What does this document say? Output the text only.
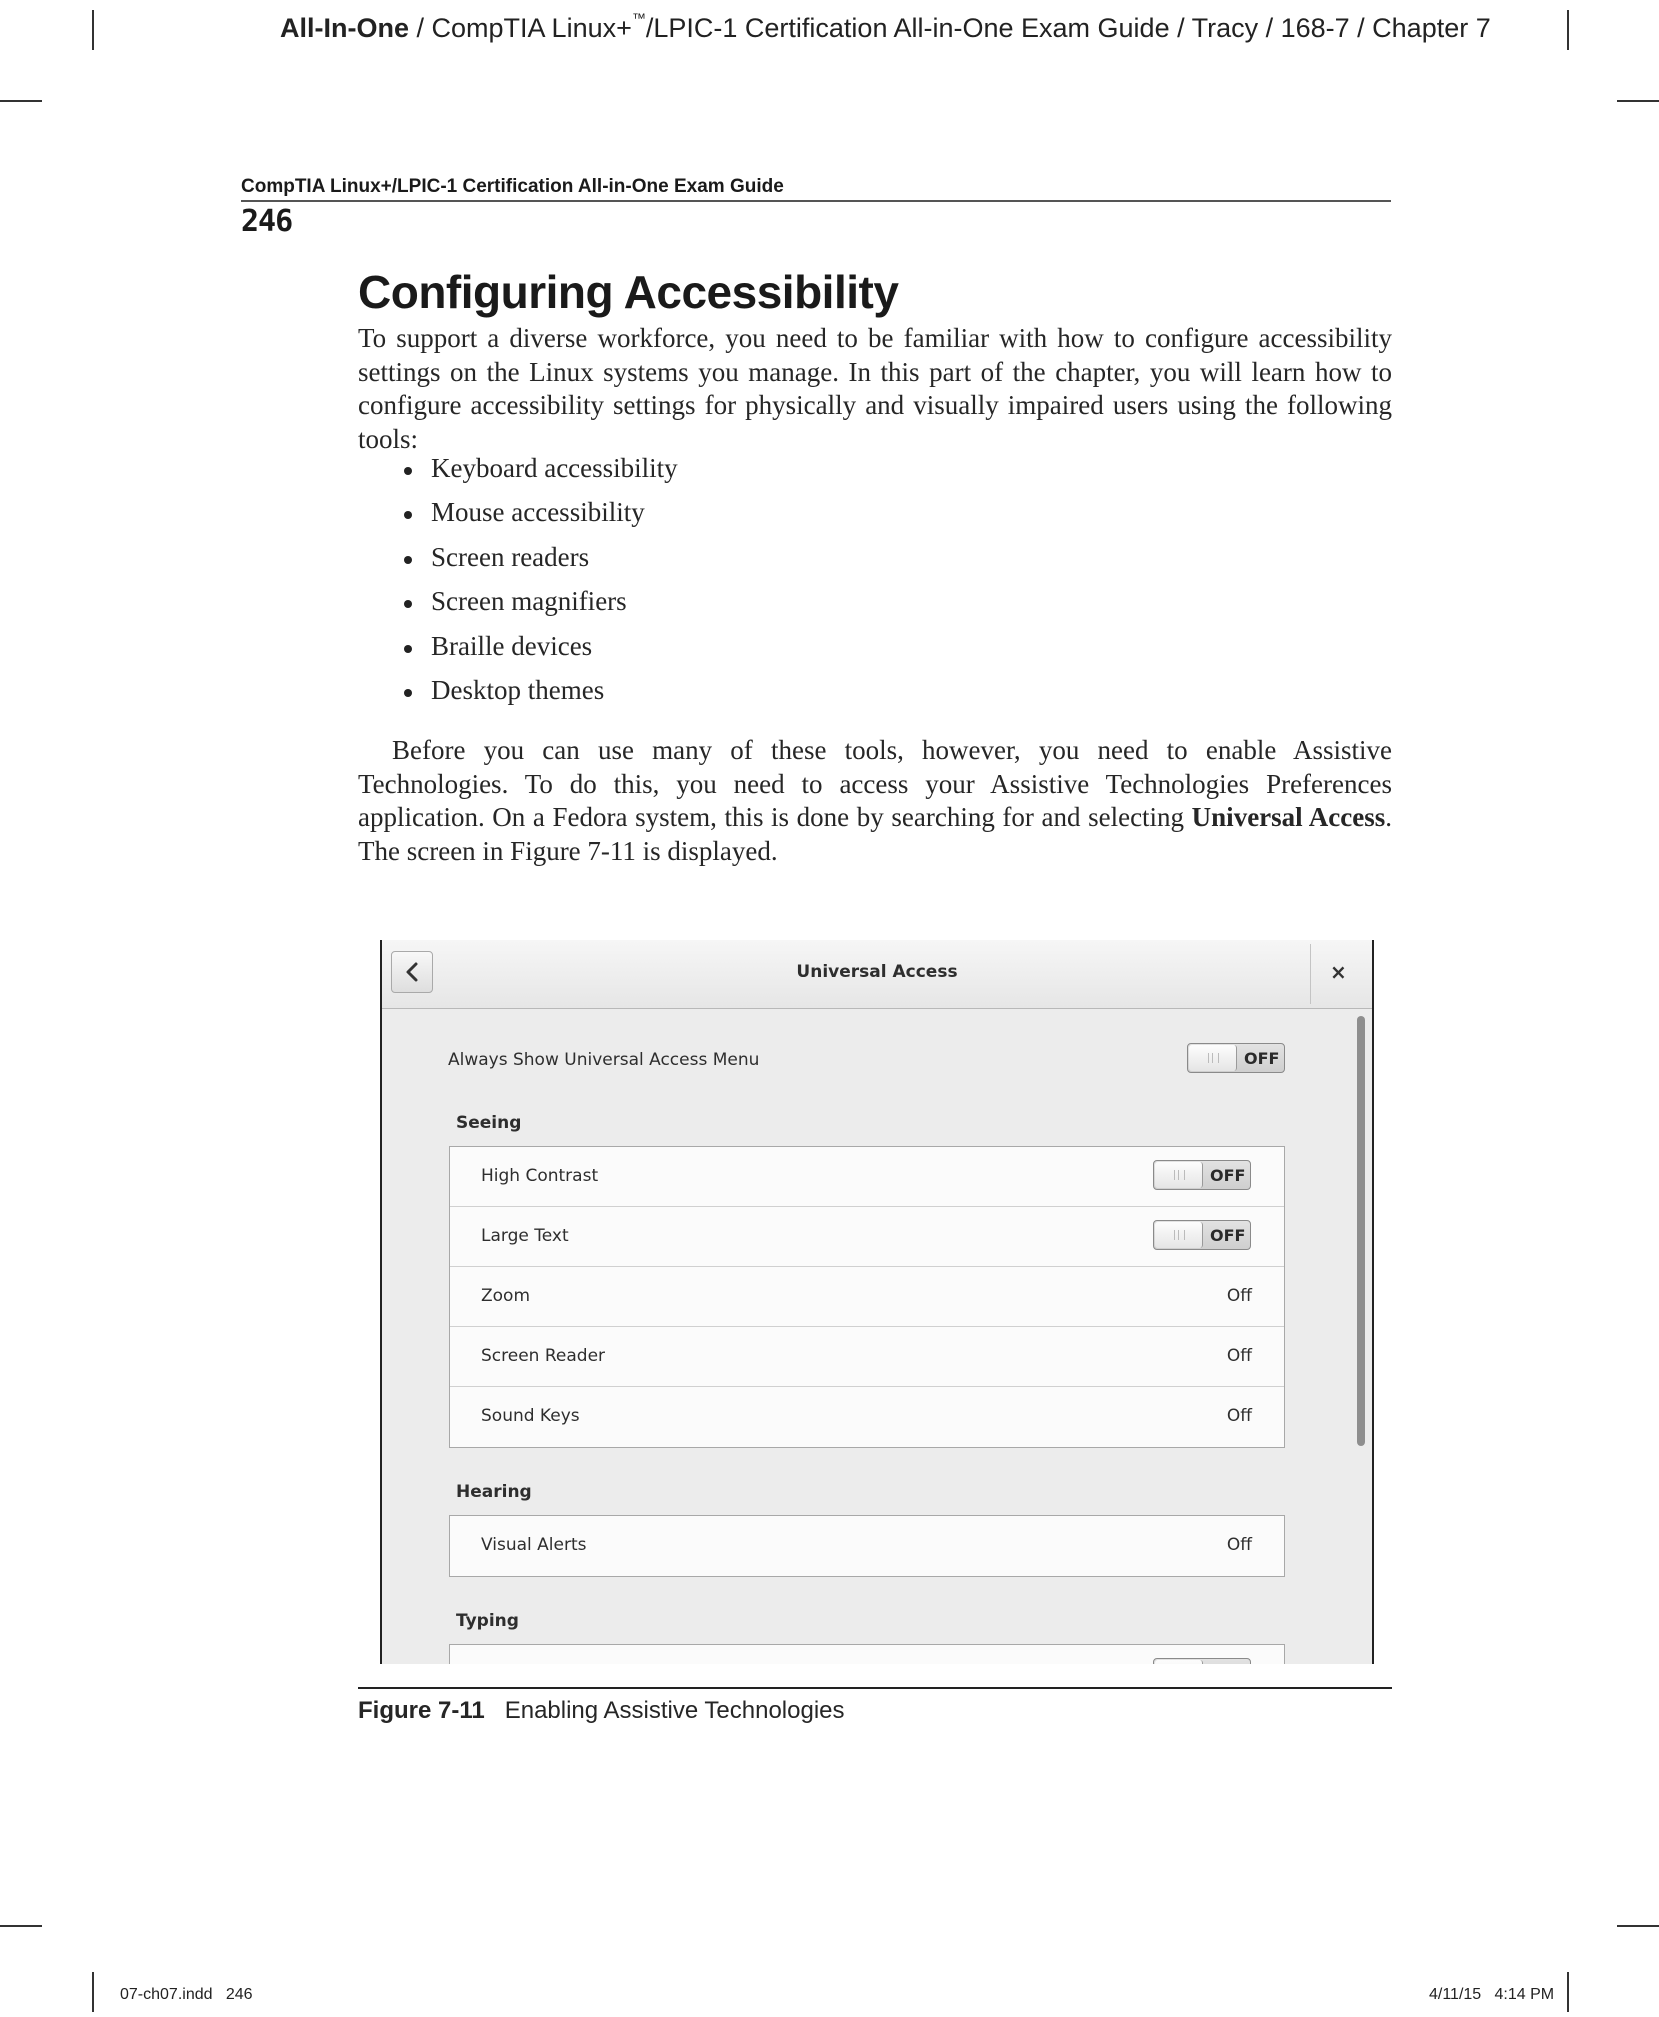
All-In-One / CompTIA Linux+™/LPIC-1 Certification All-in-One Exam Guide / Tracy / 168-7 / Chapter 7
CompTIA Linux+/LPIC-1 Certification All-in-One Exam Guide
246
Configuring Accessibility

To support a diverse workforce, you need to be familiar with how to configure accessibility settings on the Linux systems you manage. In this part of the chapter, you will learn how to configure accessibility settings for physically and visually impaired users using the following tools:

Keyboard accessibility
Mouse accessibility
Screen readers
Screen magnifiers
Braille devices
Desktop themes

Before you can use many of these tools, however, you need to enable Assistive Technologies. To do this, you need to access your Assistive Technologies Preferences application. On a Fedora system, this is done by searching for and selecting Universal Access. The screen in Figure 7-11 is displayed.

Universal Access	×
Always Show Universal Access Menu	OFF
Seeing
High Contrast	OFF
Large Text	OFF
Zoom	Off
Screen Reader	Off
Sound Keys	Off
Hearing
Visual Alerts	Off
Typing
Figure 7-11 Enabling Assistive Technologies
07-ch07.indd   246	4/11/15   4:14 PM
